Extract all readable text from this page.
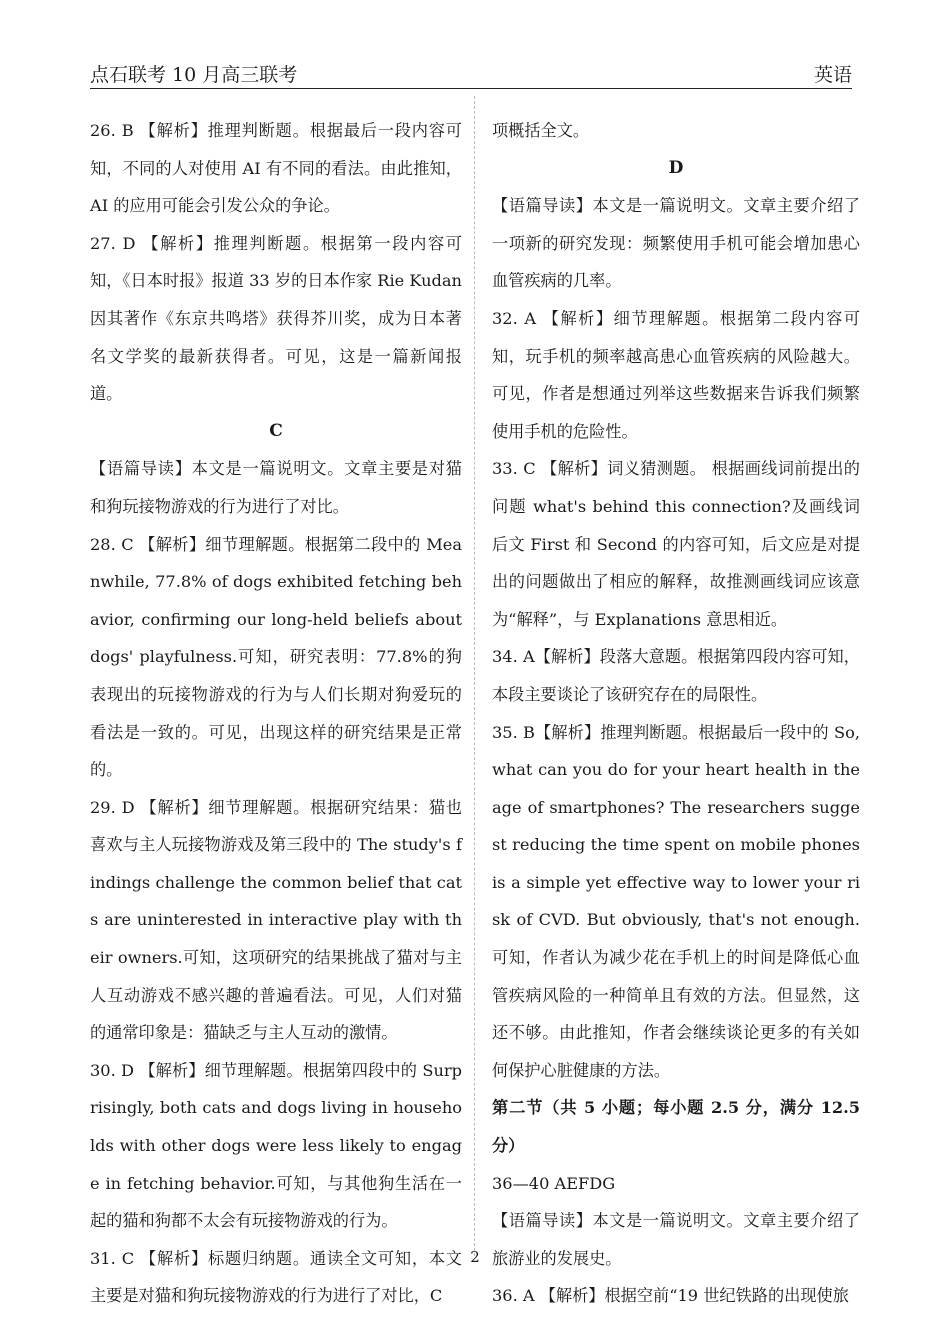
点石联考 10 月高三联考	英语

26. B 【解析】推理判断题。根据最后一段内容可知，不同的人对使用 AI 有不同的看法。由此推知，AI 的应用可能会引发公众的争论。

27. D 【解析】推理判断题。根据第一段内容可知，《日本时报》报道 33 岁的日本作家 Rie Kudan 因其著作《东京共鸣塔》获得芥川奖，成为日本著名文学奖的最新获得者。可见，这是一篇新闻报道。

C

【语篇导读】本文是一篇说明文。文章主要是对猫和狗玩接物游戏的行为进行了对比。

28. C 【解析】细节理解题。根据第二段中的 Meanwhile, 77.8% of dogs exhibited fetching behavior, confirming our long-held beliefs about dogs' playfulness.可知，研究表明：77.8%的狗表现出的玩接物游戏的行为与人们长期对狗爱玩的看法是一致的。可见，出现这样的研究结果是正常的。

29. D 【解析】细节理解题。根据研究结果：猫也喜欢与主人玩接物游戏及第三段中的 The study's findings challenge the common belief that cats are uninterested in interactive play with their owners.可知，这项研究的结果挑战了猫对与主人互动游戏不感兴趣的普遍看法。可见，人们对猫的通常印象是：猫缺乏与主人互动的激情。

30. D 【解析】细节理解题。根据第四段中的 Surprisingly, both cats and dogs living in households with other dogs were less likely to engage in fetching behavior.可知，与其他狗生活在一起的猫和狗都不太会有玩接物游戏的行为。

31. C 【解析】标题归纳题。通读全文可知，本文主要是对猫和狗玩接物游戏的行为进行了对比，C

项概括全文。

D

【语篇导读】本文是一篇说明文。文章主要介绍了一项新的研究发现：频繁使用手机可能会增加患心血管疾病的几率。

32. A 【解析】细节理解题。根据第二段内容可知，玩手机的频率越高患心血管疾病的风险越大。可见，作者是想通过列举这些数据来告诉我们频繁使用手机的危险性。

33. C 【解析】词义猜测题。 根据画线词前提出的问题 what's behind this connection?及画线词后文 First 和 Second 的内容可知，后文应是对提出的问题做出了相应的解释，故推测画线词应该意为“解释”，与 Explanations 意思相近。

34. A【解析】段落大意题。根据第四段内容可知，本段主要谈论了该研究存在的局限性。

35. B【解析】推理判断题。根据最后一段中的 So, what can you do for your heart health in the age of smartphones? The researchers suggest reducing the time spent on mobile phones is a simple yet effective way to lower your risk of CVD. But obviously, that's not enough.可知，作者认为减少花在手机上的时间是降低心血管疾病风险的一种简单且有效的方法。但显然，这还不够。由此推知，作者会继续谈论更多的有关如何保护心脏健康的方法。

第二节（共 5 小题；每小题 2.5 分，满分 12.5 分）

36—40 AEFDG

【语篇导读】本文是一篇说明文。文章主要介绍了旅游业的发展史。

36. A 【解析】根据空前“19 世纪铁路的出现使旅

2
